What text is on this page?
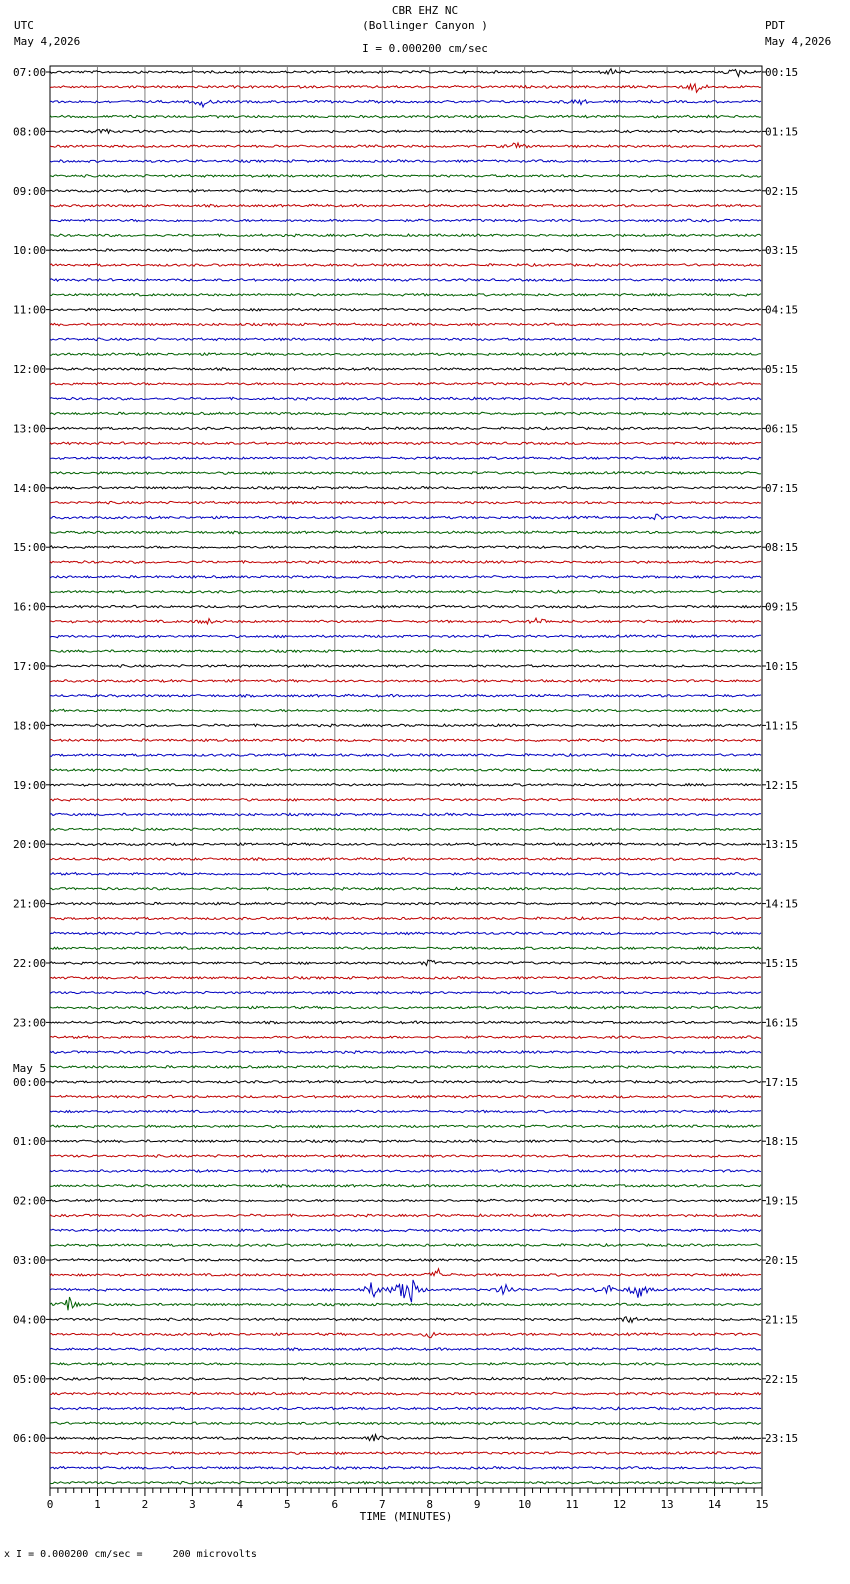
CBR EHZ NC
(Bollinger Canyon )
I = 0.000200 cm/sec
UTC
May 4,2026
PDT
May 4,2026
0	1	2	3	4	5	6	7	8	9	10	11	12	13	14	15
TIME (MINUTES)
07:00
08:00
09:00
10:00
11:00
12:00
13:00
14:00
15:00
16:00
17:00
18:00
19:00
20:00
21:00
22:00
23:00
00:00
01:00
02:00
03:00
04:00
05:00
06:00
May 5
00:15
01:15
02:15
03:15
04:15
05:15
06:15
07:15
08:15
09:15
10:15
11:15
12:15
13:15
14:15
15:15
16:15
17:15
18:15
19:15
20:15
21:15
22:15
23:15
x I = 0.000200 cm/sec =     200 microvolts
